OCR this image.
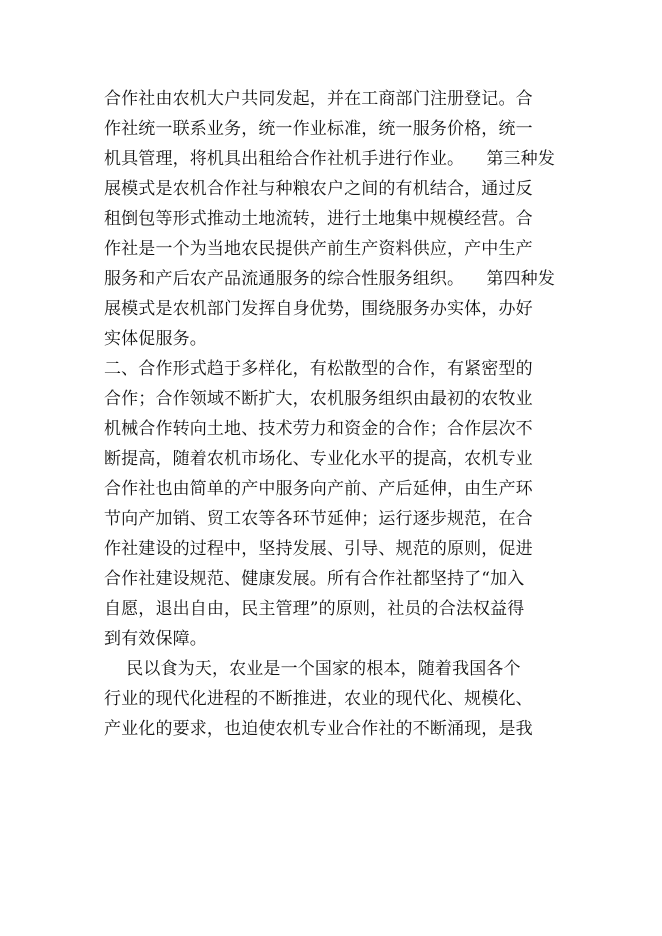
合作社由农机大户共同发起，并在工商部门注册登记。合
作社统一联系业务，统一作业标准，统一服务价格，统一
机具管理，将机具出租给合作社机手进行作业。    第三种发
展模式是农机合作社与种粮农户之间的有机结合，通过反
租倒包等形式推动土地流转，进行土地集中规模经营。合
作社是一个为当地农民提供产前生产资料供应，产中生产
服务和产后农产品流通服务的综合性服务组织。    第四种发
展模式是农机部门发挥自身优势，围绕服务办实体，办好
实体促服务。
二、合作形式趋于多样化，有松散型的合作，有紧密型的
合作；合作领域不断扩大，农机服务组织由最初的农牧业
机械合作转向土地、技术劳力和资金的合作；合作层次不
断提高，随着农机市场化、专业化水平的提高，农机专业
合作社也由简单的产中服务向产前、产后延伸，由生产环
节向产加销、贸工农等各环节延伸；运行逐步规范，在合
作社建设的过程中，坚持发展、引导、规范的原则，促进
合作社建设规范、健康发展。所有合作社都坚持了“加入
自愿，退出自由，民主管理”的原则，社员的合法权益得
到有效保障。
民以食为天，农业是一个国家的根本，随着我国各个
行业的现代化进程的不断推进，农业的现代化、规模化、
产业化的要求，也迫使农机专业合作社的不断涌现，是我
